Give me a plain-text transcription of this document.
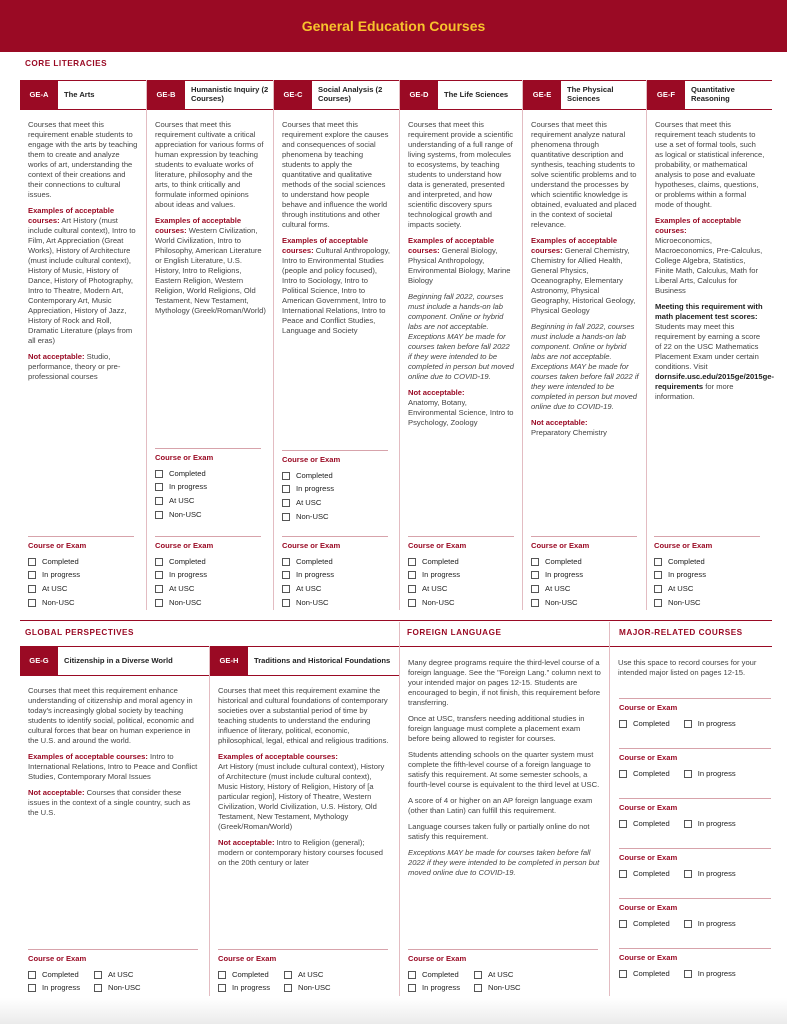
General Education Courses
CORE LITERACIES
GE-A	The Arts

Courses that meet this requirement enable students to engage with the arts by teaching them to create and analyze works of art, understanding the context of their creations and their connections to cultural issues.

Examples of acceptable courses: Art History (must include cultural context), Intro to Film, Art Appreciation (Great Works), History of Architecture (must include cultural context), History of Music, History of Dance, History of Photography, Intro to Theatre, Modern Art, Contemporary Art, Music Appreciation, History of Jazz, History of Rock and Roll, Dramatic Literature (plays from all eras)

Not acceptable: Studio, performance, theory or pre-professional courses

GE-B
Humanistic Inquiry (2 Courses)

Courses that meet this requirement cultivate a critical appreciation for various forms of human expression by teaching students to evaluate works of literature, philosophy and the arts, to think critically and formulate informed opinions about ideas and values.

Examples of acceptable courses: Western Civilization, World Civilization, Intro to Philosophy, American Literature or English Literature, U.S. History, Intro to Religions, Eastern Religion, Western Religion, World Religions, Old Testament, New Testament, Mythology (Greek/Roman/World)

GE-C
Social Analysis (2 Courses)

Courses that meet this requirement explore the causes and consequences of social phenomena by teaching students to apply the quantitative and qualitative methods of the social sciences to understand how people behave and influence the world through institutions and other cultural forms.

Examples of acceptable courses: Cultural Anthropology, Intro to Environmental Studies (people and policy focused), Intro to Sociology, Intro to Political Science, Intro to American Government, Intro to International Relations, Intro to Peace and Conflict Studies, Language and Society

GE-D	The Life Sciences

Courses that meet this requirement provide a scientific understanding of a full range of living systems, from molecules to ecosystems, by teaching students to understand how data is generated, presented and interpreted, and how scientific discovery spurs technological growth and impacts society.

Examples of acceptable courses: General Biology, Physical Anthropology, Environmental Biology, Marine Biology

Beginning fall 2022, courses must include a hands-on lab component. Online or hybrid labs are not acceptable. Exceptions MAY be made for courses taken before fall 2022 if they were intended to be completed in person but moved online due to COVID-19.

Not acceptable:
Anatomy, Botany, Environmental Science, Intro to Psychology, Zoology

GE-E
The Physical Sciences

Courses that meet this requirement analyze natural phenomena through quantitative description and synthesis, teaching students to solve scientific problems and to understand the processes by which scientific knowledge is obtained, evaluated and placed in the context of societal relevance.

Examples of acceptable courses: General Chemistry, Chemistry for Allied Health, General Physics, Oceanography, Elementary Astronomy, Physical Geography, Historical Geology, Physical Geology

Beginning in fall 2022, courses must include a hands-on lab component. Online or hybrid labs are not acceptable. Exceptions MAY be made for courses taken before fall 2022 if they were intended to be completed in person but moved online due to COVID-19.

Not acceptable:
Preparatory Chemistry

GE-F
Quantitative Reasoning

Courses that meet this requirement teach students to use a set of formal tools, such as logical or statistical inference, probability, or mathematical analysis to pose and evaluate hypotheses, claims, questions, or problems within a formal mode of thought.

Examples of acceptable courses:
Microeconomics, Macroeconomics, Pre-Calculus, College Algebra, Statistics, Finite Math, Calculus, Math for Liberal Arts, Calculus for Business

Meeting this requirement with math placement test scores: Students may meet this requirement by earning a score of 22 on the USC Mathematics Placement Exam under certain conditions. Visit dornsife.usc.edu/2015ge/2015ge-requirements for more information.

Course or Exam
Completed
In progress
At USC
Non-USC
Course or Exam
Completed
In progress
At USC
Non-USC
Course or Exam
Completed
In progress
At USC
Non-USC
Course or Exam
Completed
In progress
At USC
Non-USC
Course or Exam
Completed
In progress
At USC
Non-USC
Course or Exam
Completed
In progress
At USC
Non-USC
Course or Exam
Completed
In progress
At USC
Non-USC
Course or Exam
Completed
In progress
At USC
Non-USC
GLOBAL PERSPECTIVES	FOREIGN LANGUAGE	MAJOR-RELATED COURSES
GE-G	Citizenship in a Diverse World

Courses that meet this requirement enhance understanding of citizenship and moral agency in today's increasingly global society by teaching students to identify social, political, economic and cultural forces that bear on human experience in the U.S. and around the world.

Examples of acceptable courses: Intro to International Relations, Intro to Peace and Conflict Studies, Contemporary Moral Issues

Not acceptable: Courses that consider these issues in the context of a single country, such as the U.S.

GE-H	Traditions and Historical Foundations

Courses that meet this requirement examine the historical and cultural foundations of contemporary societies over a substantial period of time by teaching students to understand the enduring influence of literary, political, economic, philosophical, legal, ethical and religious traditions.

Examples of acceptable courses:
Art History (must include cultural context), History of Architecture (must include cultural context), Music History, History of Religion, History of [a particular region], History of Theatre, Western Civilization, World Civilization, U.S. History, Old Testament, New Testament, Mythology (Greek/Roman/World)

Not acceptable: Intro to Religion (general); modern or contemporary history courses focused on the 20th century or later

Many degree programs require the third-level course of a foreign language. See the "Foreign Lang." column next to your intended major on pages 12-15. Students are encouraged to begin, if not finish, this requirement before transferring.

Once at USC, transfers needing additional studies in foreign language must complete a placement exam before being allowed to register for courses.

Students attending schools on the quarter system must complete the fifth-level course of a foreign language to satisfy this requirement. At some semester schools, a fourth-level course is equivalent to the third level at USC.

A score of 4 or higher on an AP foreign language exam (other than Latin) can fulfill this requirement.

Language courses taken fully or partially online do not satisfy this requirement.

Exceptions MAY be made for courses taken before fall 2022 if they were intended to be completed in person but moved online due to COVID-19.

Use this space to record courses for your intended major listed on pages 12-15.

Course or Exam
Completed	In progress
Course or Exam
Completed	In progress
Course or Exam
Completed	In progress
Course or Exam
Completed	In progress
Course or Exam
Completed	In progress
Course or Exam
Completed	In progress
Course or Exam
Completed
In progress
At USC
Non-USC
Course or Exam
Completed
In progress
At USC
Non-USC
Course or Exam
Completed
In progress
At USC
Non-USC
